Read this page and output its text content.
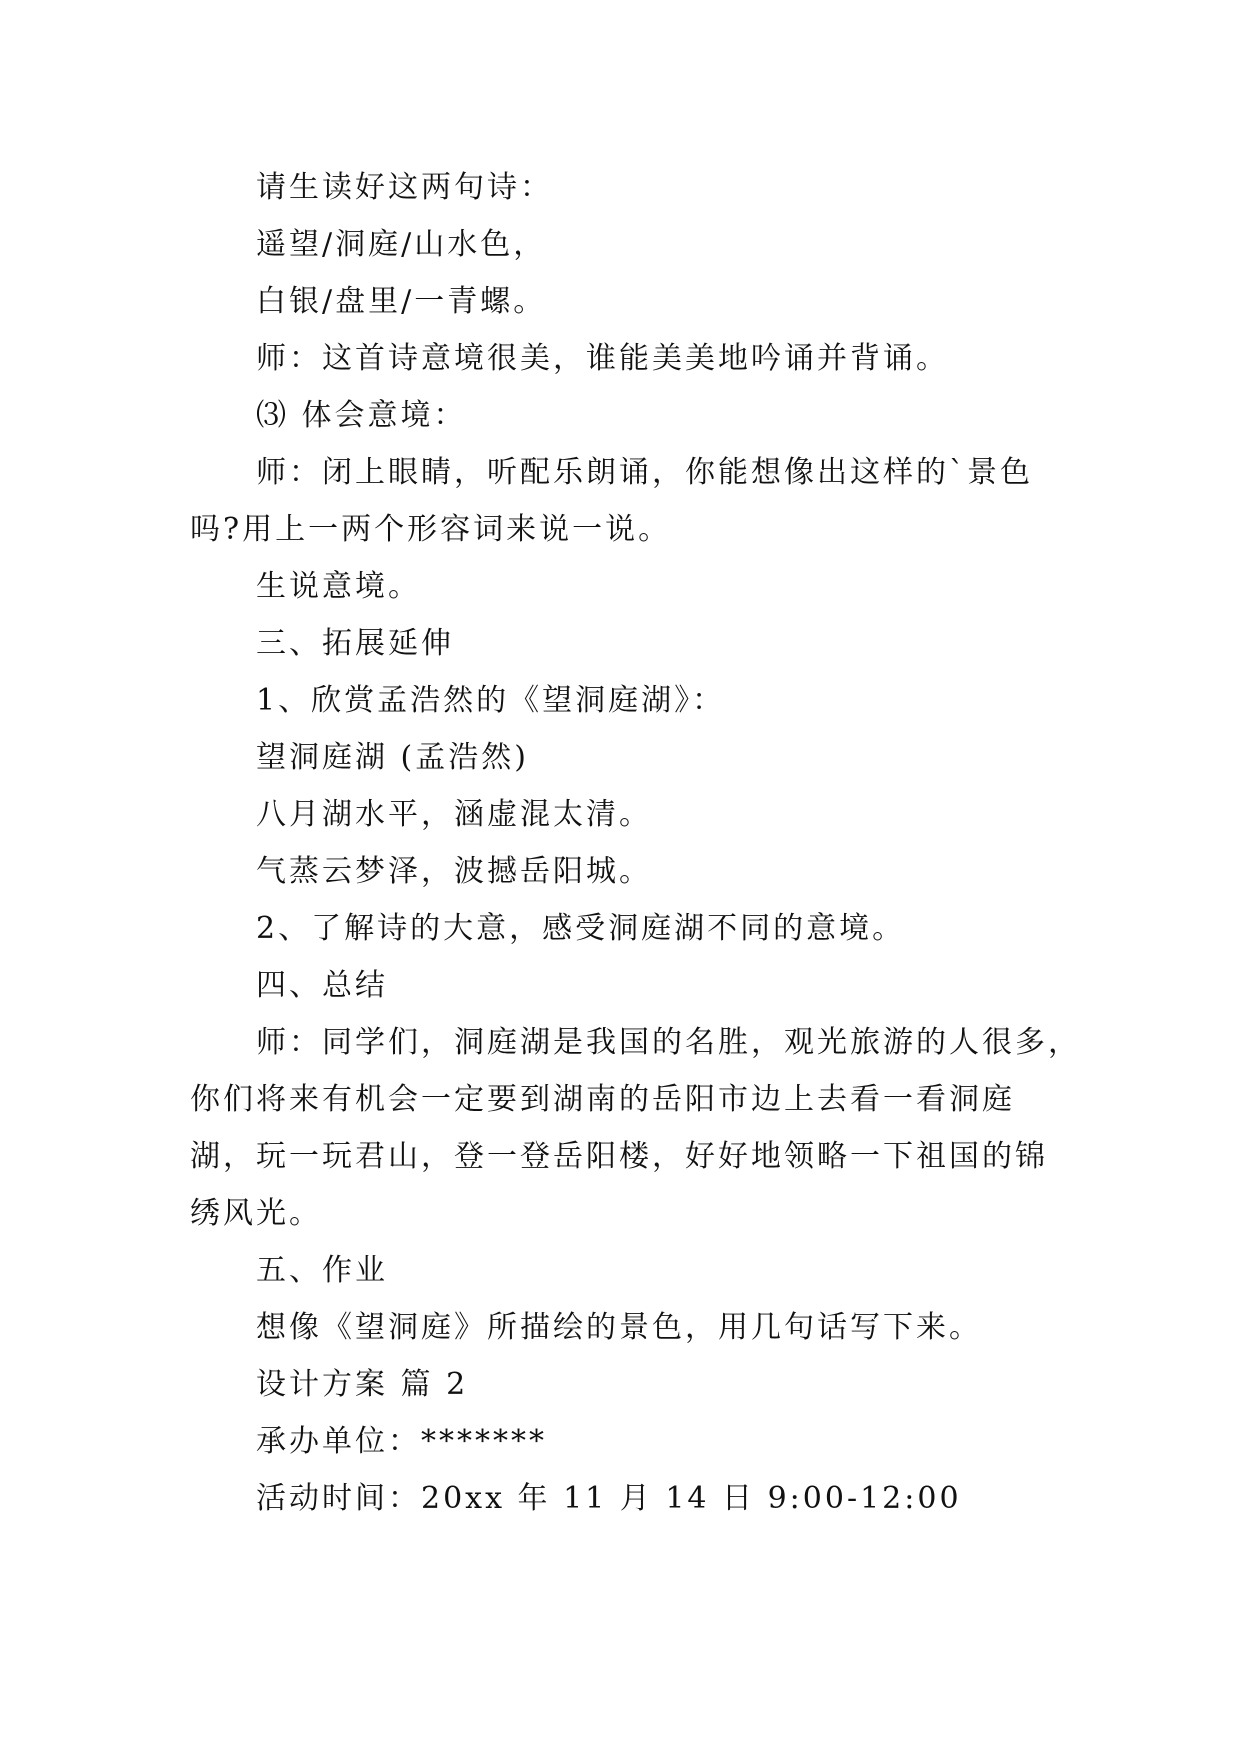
请生读好这两句诗：

遥望/洞庭/山水色，

白银/盘里/一青螺。

师：这首诗意境很美，谁能美美地吟诵并背诵。

⑶ 体会意境：

师：闭上眼睛，听配乐朗诵，你能想像出这样的`景色

吗?用上一两个形容词来说一说。

生说意境。

三、拓展延伸

1、欣赏孟浩然的《望洞庭湖》：

望洞庭湖 (孟浩然)

八月湖水平，涵虚混太清。

气蒸云梦泽，波撼岳阳城。

2、了解诗的大意，感受洞庭湖不同的意境。

四、总结

师：同学们，洞庭湖是我国的名胜，观光旅游的人很多，

你们将来有机会一定要到湖南的岳阳市边上去看一看洞庭

湖，玩一玩君山，登一登岳阳楼，好好地领略一下祖国的锦

绣风光。

五、作业

想像《望洞庭》所描绘的景色，用几句话写下来。

设计方案 篇 2

承办单位：*******

活动时间：20xx 年 11 月 14 日 9:00-12:00
